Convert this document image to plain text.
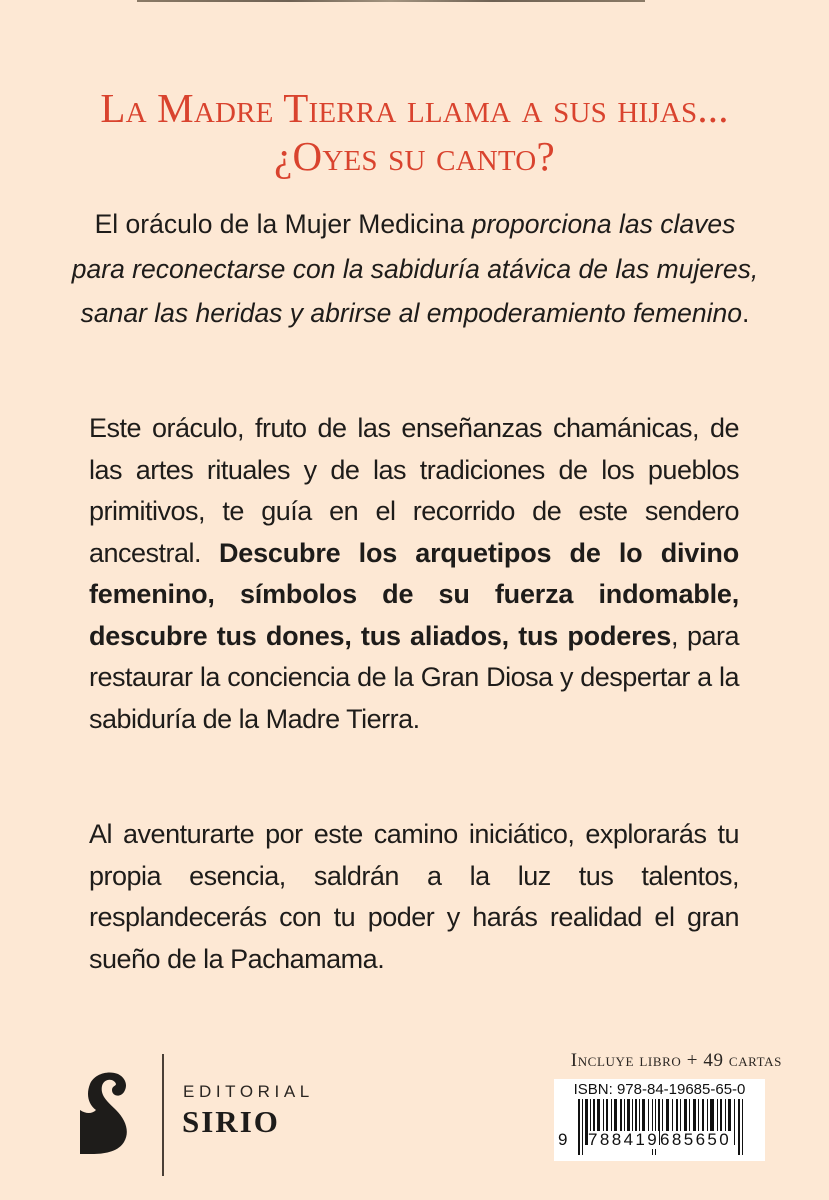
La Madre Tierra llama a sus hijas...
¿Oyes su canto?
El oráculo de la Mujer Medicina proporciona las claves para reconectarse con la sabiduría atávica de las mujeres, sanar las heridas y abrirse al empoderamiento femenino.
Este oráculo, fruto de las enseñanzas chamánicas, de las artes rituales y de las tradiciones de los pueblos primitivos, te guía en el recorrido de este sendero ancestral. Descubre los arquetipos de lo divino femenino, símbolos de su fuerza indomable, descubre tus dones, tus aliados, tus poderes, para restaurar la conciencia de la Gran Diosa y despertar a la sabiduría de la Madre Tierra.
Al aventurarte por este camino iniciático, explorarás tu propia esencia, saldrán a la luz tus talentos, resplandecerás con tu poder y harás realidad el gran sueño de la Pachamama.
EDITORIAL
SIRIO
Incluye libro + 49 cartas
ISBN: 978-84-19685-65-0
9 788419 685650
